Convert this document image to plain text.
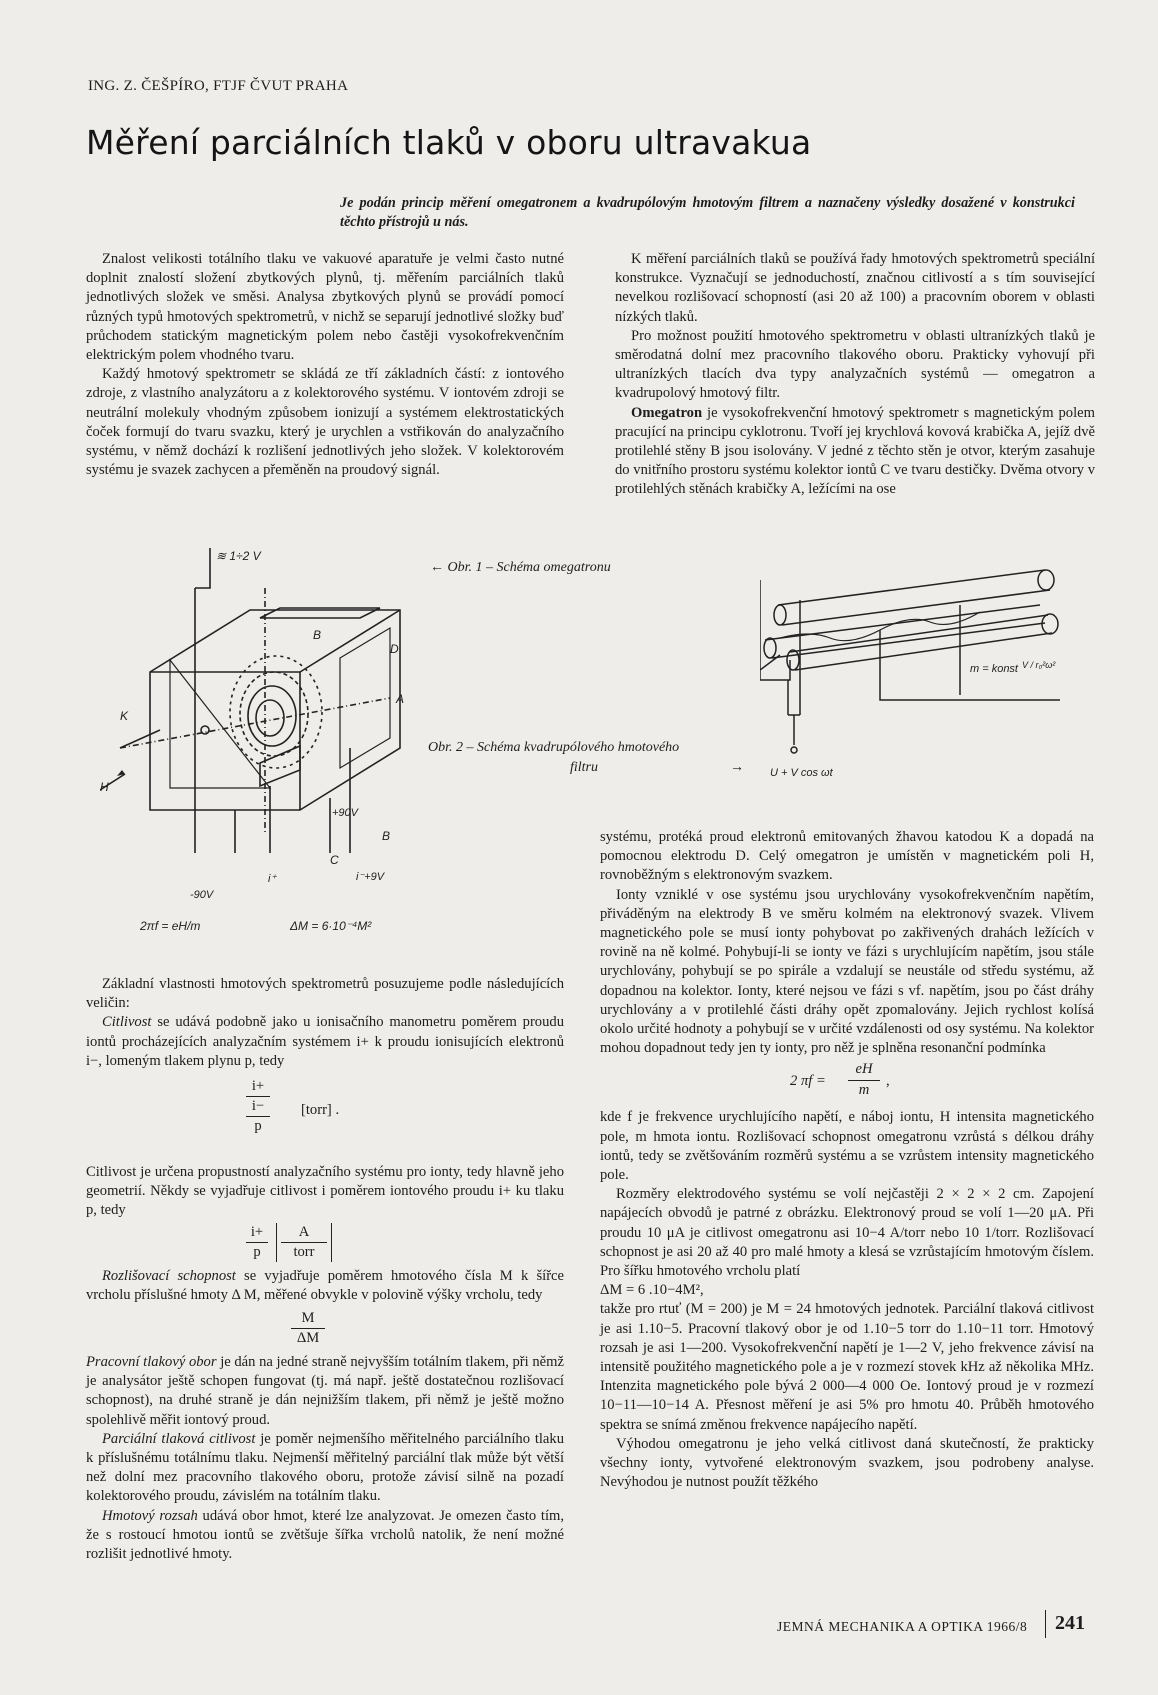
ING. Z. ČEŠPÍRO, FTJF ČVUT PRAHA
Měření parciálních tlaků v oboru ultravakua
Je podán princip měření omegatronem a kvadrupólovým hmotovým filtrem a naznačeny výsledky dosažené v konstrukci těchto přístrojů u nás.

Znalost velikosti totálního tlaku ve vakuové aparatuře je velmi často nutné doplnit znalostí složení zbytkových plynů, tj. měřením parciálních tlaků jednotlivých složek ve směsi. Analysa zbytkových plynů se provádí pomocí různých typů hmotových spektrometrů, v nichž se separují jednotlivé složky buď průchodem statickým magnetickým polem nebo častěji vysokofrekvenčním elektrickým polem vhodného tvaru.

Každý hmotový spektrometr se skládá ze tří základních částí: z iontového zdroje, z vlastního analyzátoru a z kolektorového systému. V iontovém zdroji se neutrální molekuly vhodným způsobem ionizují a systémem elektrostatických čoček formují do tvaru svazku, který je urychlen a vstřikován do analyzačního systému, v němž dochází k rozlišení jednotlivých jeho složek. V kolektorovém systému je svazek zachycen a přeměněn na proudový signál.

K měření parciálních tlaků se používá řady hmotových spektrometrů speciální konstrukce. Vyznačují se jednoduchostí, značnou citlivostí a s tím související nevelkou rozlišovací schopností (asi 20 až 100) a pracovním oborem v oblasti nízkých tlaků.

Pro možnost použití hmotového spektrometru v oblasti ultranízkých tlaků je směrodatná dolní mez pracovního tlakového oboru. Prakticky vyhovují při ultranízkých tlacích dva typy analyzačních systémů — omegatron a kvadrupolový hmotový filtr.

Omegatron je vysokofrekvenční hmotový spektrometr s magnetickým polem pracující na principu cyklotronu. Tvoří jej krychlová kovová krabička A, jejíž dvě protilehlé stěny B jsou isolovány. V jedné z těchto stěn je otvor, kterým zasahuje do vnitřního prostoru systému kolektor iontů C ve tvaru destičky. Dvěma otvory v protilehlých stěnách krabičky A, ležícími na ose

≋ 1÷2 V
B
D
A
K
H
B
C
+90V
-90V
i⁺	i⁻+9V
2πf = eH/m	ΔM = 6·10⁻⁴M²
← Obr. 1 – Schéma omegatronu
m = konst V / r₀²ω²
U + V cos ωt
Obr. 2 – Schéma kvadrupólového hmotového
filtru	→

Základní vlastnosti hmotových spektrometrů posuzujeme podle následujících veličin:

Citlivost se udává podobně jako u ionisačního manometru poměrem proudu iontů procházejících analyzačním systémem i+ k proudu ionisujících elektronů i−, lomeným tlakem plynu p, tedy

i+
i−
p
[torr] .

Citlivost je určena propustností analyzačního systému pro ionty, tedy hlavně jeho geometrií. Někdy se vyjadřuje citlivost i poměrem iontového proudu i+ ku tlaku p, tedy

i+
p
A
torr

Rozlišovací schopnost se vyjadřuje poměrem hmotového čísla M k šířce vrcholu příslušné hmoty Δ M, měřené obvykle v polovině výšky vrcholu, tedy

M
ΔM

Pracovní tlakový obor je dán na jedné straně nejvyšším totálním tlakem, při němž je analysátor ještě schopen fungovat (tj. má např. ještě dostatečnou rozlišovací schopnost), na druhé straně je dán nejnižším tlakem, při němž je ještě možno spolehlivě měřit iontový proud.

Parciální tlaková citlivost je poměr nejmenšího měřitelného parciálního tlaku k příslušnému totálnímu tlaku. Nejmenší měřitelný parciální tlak může být větší než dolní mez pracovního tlakového oboru, protože závisí silně na pozadí kolektorového proudu, závislém na totálním tlaku.

Hmotový rozsah udává obor hmot, které lze analyzovat. Je omezen často tím, že s rostoucí hmotou iontů se zvětšuje šířka vrcholů natolik, že není možné rozlišit jednotlivé hmoty.

systému, protéká proud elektronů emitovaných žhavou katodou K a dopadá na pomocnou elektrodu D. Celý omegatron je umístěn v magnetickém poli H, rovnoběžným s elektronovým svazkem.

Ionty vzniklé v ose systému jsou urychlovány vysokofrekvenčním napětím, přiváděným na elektrody B ve směru kolmém na elektronový svazek. Vlivem magnetického pole se musí ionty pohybovat po zakřivených drahách ležících v rovině na ně kolmé. Pohybují-li se ionty ve fázi s urychlujícím napětím, jsou stále urychlovány, pohybují se po spirále a vzdalují se neustále od středu systému, až dopadnou na kolektor. Ionty, které nejsou ve fázi s vf. napětím, jsou po část dráhy urychlovány a v protilehlé části dráhy opět zpomalovány. Jejich rychlost kolísá okolo určité hodnoty a pohybují se v určité vzdálenosti od osy systému. Na kolektor mohou dopadnout tedy jen ty ionty, pro něž je splněna resonanční podmínka

2 πf =
eH
m
,

kde f je frekvence urychlujícího napětí, e náboj iontu, H intensita magnetického pole, m hmota iontu. Rozlišovací schopnost omegatronu vzrůstá s délkou dráhy iontů, tedy se zvětšováním rozměrů systému a se vzrůstem intensity magnetického pole.

Rozměry elektrodového systému se volí nejčastěji 2 × 2 × 2 cm. Zapojení napájecích obvodů je patrné z obrázku. Elektronový proud se volí 1—20 μA. Při proudu 10 μA je citlivost omegatronu asi 10−4 A/torr nebo 10 1/torr. Rozlišovací schopnost je asi 20 až 40 pro malé hmoty a klesá se vzrůstajícím hmotovým číslem. Pro šířku hmotového vrcholu platí

ΔM = 6 .10−4M²,

takže pro rtuť (M = 200) je M = 24 hmotových jednotek. Parciální tlaková citlivost je asi 1.10−5. Pracovní tlakový obor je od 1.10−5 torr do 1.10−11 torr. Hmotový rozsah je asi 1—200. Vysokofrekvenční napětí je 1—2 V, jeho frekvence závisí na intensitě použitého magnetického pole a je v rozmezí stovek kHz až několika MHz. Intenzita magnetického pole bývá 2 000—4 000 Oe. Iontový proud je v rozmezí 10−11—10−14 A. Přesnost měření je asi 5% pro hmotu 40. Průběh hmotového spektra se snímá změnou frekvence napájecího napětí.

Výhodou omegatronu je jeho velká citlivost daná skutečností, že prakticky všechny ionty, vytvořené elektronovým svazkem, jsou podrobeny analyse. Nevýhodou je nutnost použít těžkého

JEMNÁ MECHANIKA A OPTIKA 1966/8 241
